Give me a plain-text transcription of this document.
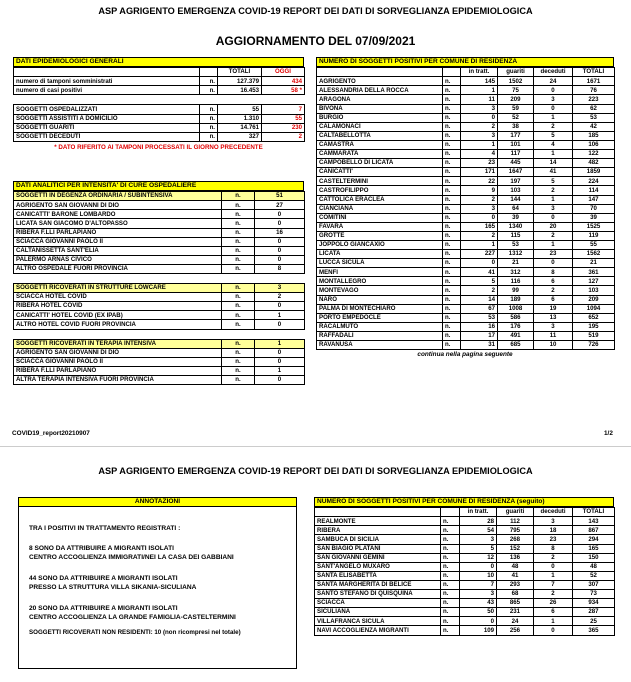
ASP AGRIGENTO EMERGENZA COVID-19 REPORT DEI DATI DI SORVEGLIANZA EPIDEMIOLOGICA
AGGIORNAMENTO DEL 07/09/2021
DATI EPIDEMIOLOGICI GENERALI
		TOTALI	OGGI
numero di tamponi somministrati	n.	127.379	434
numero di casi positivi	n.	16.453	58 *
SOGGETTI OSPEDALIZZATI	n.	55	7
SOGGETTI ASSISTITI A DOMICILIO	n.	1.310	55
SOGGETTI GUARITI	n.	14.761	230
SOGGETTI DECEDUTI	n.	327	2
* DATO RIFERITO AI TAMPONI PROCESSATI IL GIORNO PRECEDENTE
DATI ANALITICI PER INTENSITA' DI CURE OSPEDALIERE
SOGGETTI IN DEGENZA ORDINARIA / SUBINTENSIVA	n.	51
AGRIGENTO SAN GIOVANNI DI DIO	n.	27
CANICATTI' BARONE LOMBARDO	n.	0
LICATA SAN GIACOMO D'ALTOPASSO	n.	0
RIBERA F.LLI PARLAPIANO	n.	16
SCIACCA GIOVANNI PAOLO II	n.	0
CALTANISSETTA SANT'ELIA	n.	0
PALERMO ARNAS CIVICO	n.	0
ALTRO OSPEDALE FUORI PROVINCIA	n.	8
SOGGETTI RICOVERATI IN STRUTTURE LOWCARE	n.	3
SCIACCA HOTEL COVID	n.	2
RIBERA HOTEL COVID	n.	0
CANICATTI' HOTEL COVID (EX IPAB)	n.	1
ALTRO HOTEL COVID FUORI PROVINCIA	n.	0
SOGGETTI RICOVERATI IN TERAPIA INTENSIVA	n.	1
AGRIGENTO SAN GIOVANNI DI DIO	n.	0
SCIACCA GIOVANNI PAOLO II	n.	0
RIBERA F.LLI PARLAPIANO	n.	1
ALTRA TERAPIA INTENSIVA FUORI PROVINCIA	n.	0
NUMERO DI SOGGETTI POSITIVI PER COMUNE DI RESIDENZA
		in tratt.	guariti	deceduti	TOTALI
AGRIGENTO	n.	145	1502	24	1671
ALESSANDRIA DELLA ROCCA	n.	1	75	0	76
ARAGONA	n.	11	209	3	223
BIVONA	n.	3	59	0	62
BURGIO	n.	0	52	1	53
CALAMONACI	n.	2	38	2	42
CALTABELLOTTA	n.	3	177	5	185
CAMASTRA	n.	1	101	4	106
CAMMARATA	n.	4	117	1	122
CAMPOBELLO DI LICATA	n.	23	445	14	482
CANICATTI'	n.	171	1647	41	1859
CASTELTERMINI	n.	22	197	5	224
CASTROFILIPPO	n.	9	103	2	114
CATTOLICA ERACLEA	n.	2	144	1	147
CIANCIANA	n.	3	64	3	70
COMITINI	n.	0	39	0	39
FAVARA	n.	165	1340	20	1525
GROTTE	n.	2	115	2	119
JOPPOLO GIANCAXIO	n.	1	53	1	55
LICATA	n.	227	1312	23	1562
LUCCA SICULA	n.	0	21	0	21
MENFI	n.	41	312	8	361
MONTALLEGRO	n.	5	116	6	127
MONTEVAGO	n.	2	99	2	103
NARO	n.	14	189	6	209
PALMA DI MONTECHIARO	n.	67	1008	19	1094
PORTO EMPEDOCLE	n.	53	586	13	652
RACALMUTO	n.	16	176	3	195
RAFFADALI	n.	17	491	11	519
RAVANUSA	n.	31	685	10	726
continua nella pagina seguente
COVID19_report20210907	1/2
ASP AGRIGENTO EMERGENZA COVID-19 REPORT DEI DATI DI SORVEGLIANZA EPIDEMIOLOGICA
ANNOTAZIONI
TRA I POSITIVI IN TRATTAMENTO REGISTRATI :
8 SONO DA ATTRIBUIRE A MIGRANTI ISOLATI
CENTRO ACCOGLIENZA IMMIGRATI/NEI LA CASA DEI GABBIANI
44 SONO DA ATTRIBUIRE A MIGRANTI ISOLATI
PRESSO LA STRUTTURA VILLA SIKANIA-SICULIANA
20 SONO DA ATTRIBUIRE A MIGRANTI ISOLATI
CENTRO ACCOGLIENZA LA GRANDE FAMIGLIA-CASTELTERMINI
SOGGETTI RICOVERATI NON RESIDENTI: 10 (non ricompresi nel totale)
NUMERO DI SOGGETTI POSITIVI PER COMUNE DI RESIDENZA (seguito)
		in tratt.	guariti	deceduti	TOTALI
REALMONTE	n.	28	112	3	143
RIBERA	n.	54	795	18	867
SAMBUCA DI SICILIA	n.	3	268	23	294
SAN BIAGIO PLATANI	n.	5	152	8	165
SAN GIOVANNI GEMINI	n.	12	136	2	150
SANT'ANGELO MUXARO	n.	0	48	0	48
SANTA ELISABETTA	n.	10	41	1	52
SANTA MARGHERITA DI BELICE	n.	7	293	7	307
SANTO STEFANO DI QUISQUINA	n.	3	68	2	73
SCIACCA	n.	43	865	26	934
SICULIANA	n.	50	231	6	287
VILLAFRANCA SICULA	n.	0	24	1	25
NAVI ACCOGLIENZA MIGRANTI	n.	109	256	0	365
